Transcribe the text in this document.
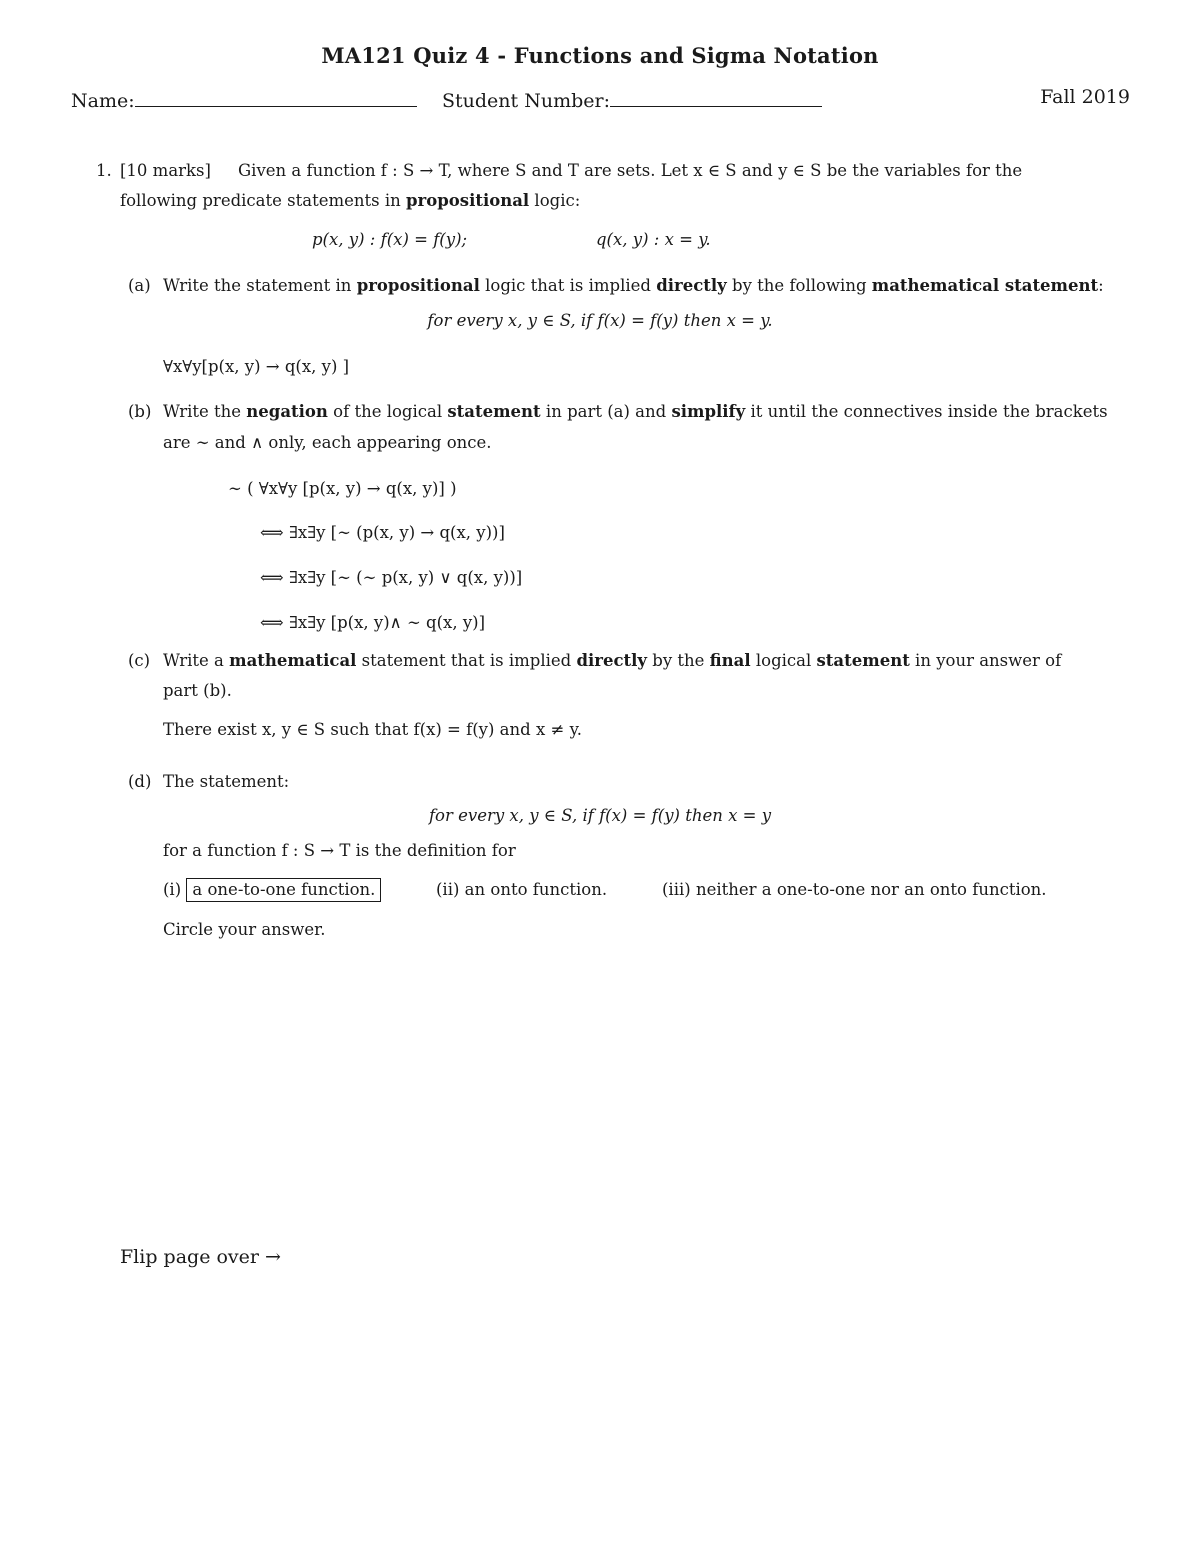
MA121 Quiz 4 - Functions and Sigma Notation
Name:	Student Number:	Fall 2019
1. [10 marks] Given a function f : S → T, where S and T are sets. Let x ∈ S and y ∈ S be the variables for the
following predicate statements in propositional logic:
p(x, y) : f(x) = f(y);	q(x, y) : x = y.
(a) Write the statement in propositional logic that is implied directly by the following mathematical statement:
for every x, y ∈ S, if f(x) = f(y) then x = y.
∀x∀y[p(x, y) → q(x, y) ]
(b) Write the negation of the logical statement in part (a) and simplify it until the connectives inside the brackets
are ∼ and ∧ only, each appearing once.
∼ ( ∀x∀y [p(x, y) → q(x, y)] )
⟺ ∃x∃y [∼ (p(x, y) → q(x, y))]
⟺ ∃x∃y [∼ (∼ p(x, y) ∨ q(x, y))]
⟺ ∃x∃y [p(x, y)∧ ∼ q(x, y)]
(c) Write a mathematical statement that is implied directly by the final logical statement in your answer of
part (b).
There exist x, y ∈ S such that f(x) = f(y) and x ≠ y.
(d) The statement:
for every x, y ∈ S, if f(x) = f(y) then x = y
for a function f : S → T is the definition for
(i) a one-to-one function.	(ii) an onto function.	(iii) neither a one-to-one nor an onto function.
Circle your answer.
Flip page over →
